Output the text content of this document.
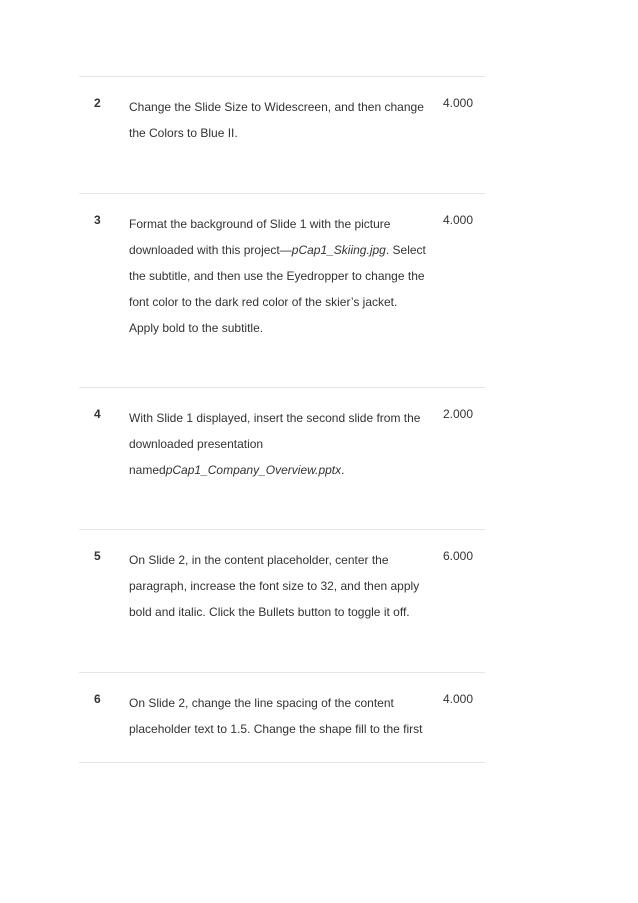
2 Change the Slide Size to Widescreen, and then change
the Colors to Blue II.
4.000
3 Format the background of Slide 1 with the picture
downloaded with this project—pCap1_Skiing.jpg. Select
the subtitle, and then use the Eyedropper to change the
font color to the dark red color of the skier’s jacket.
Apply bold to the subtitle.
4.000
4 With Slide 1 displayed, insert the second slide from the
downloaded presentation
namedpCap1_Company_Overview.pptx.
2.000
5 On Slide 2, in the content placeholder, center the
paragraph, increase the font size to 32, and then apply
bold and italic. Click the Bullets button to toggle it off.
6.000
6 On Slide 2, change the line spacing of the content
placeholder text to 1.5. Change the shape fill to the first
4.000
